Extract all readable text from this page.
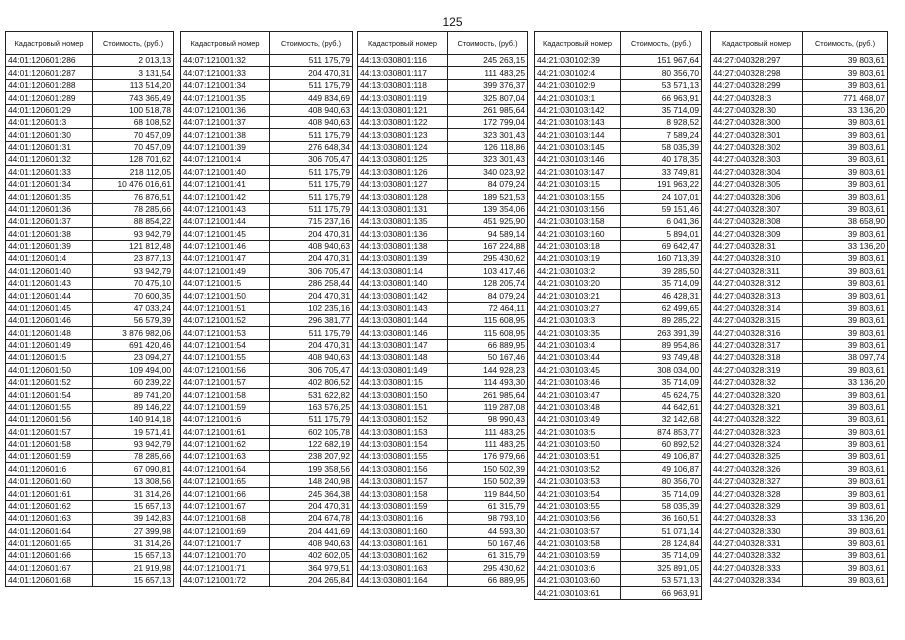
125
Кадастровый номер	Стоимость, (руб.)
44:01:120601:286	2 013,13
44:01:120601:287	3 131,54
44:01:120601:288	113 514,20
44:01:120601:289	743 365,49
44:01:120601:29	100 518,78
44:01:120601:3	68 108,52
44:01:120601:30	70 457,09
44:01:120601:31	70 457,09
44:01:120601:32	128 701,62
44:01:120601:33	218 112,05
44:01:120601:34	10 476 016,61
44:01:120601:35	76 876,51
44:01:120601:36	78 285,66
44:01:120601:37	88 854,22
44:01:120601:38	93 942,79
44:01:120601:39	121 812,48
44:01:120601:4	23 877,13
44:01:120601:40	93 942,79
44:01:120601:43	70 475,10
44:01:120601:44	70 600,35
44:01:120601:45	47 033,24
44:01:120601:46	56 579,39
44:01:120601:48	3 876 982,06
44:01:120601:49	691 420,46
44:01:120601:5	23 094,27
44:01:120601:50	109 494,00
44:01:120601:52	60 239,22
44:01:120601:54	89 741,20
44:01:120601:55	89 146,22
44:01:120601:56	140 914,18
44:01:120601:57	19 571,41
44:01:120601:58	93 942,79
44:01:120601:59	78 285,66
44:01:120601:6	67 090,81
44:01:120601:60	13 308,56
44:01:120601:61	31 314,26
44:01:120601:62	15 657,13
44:01:120601:63	39 142,83
44:01:120601:64	27 399,98
44:01:120601:65	31 314,26
44:01:120601:66	15 657,13
44:01:120601:67	21 919,98
44:01:120601:68	15 657,13
Кадастровый номер	Стоимость, (руб.)
44:07:121001:32	511 175,79
44:07:121001:33	204 470,31
44:07:121001:34	511 175,79
44:07:121001:35	449 834,69
44:07:121001:36	408 940,63
44:07:121001:37	408 940,63
44:07:121001:38	511 175,79
44:07:121001:39	276 648,34
44:07:121001:4	306 705,47
44:07:121001:40	511 175,79
44:07:121001:41	511 175,79
44:07:121001:42	511 175,79
44:07:121001:43	511 175,79
44:07:121001:44	715 237,16
44:07:121001:45	204 470,31
44:07:121001:46	408 940,63
44:07:121001:47	204 470,31
44:07:121001:49	306 705,47
44:07:121001:5	286 258,44
44:07:121001:50	204 470,31
44:07:121001:51	102 235,16
44:07:121001:52	296 381,77
44:07:121001:53	511 175,79
44:07:121001:54	204 470,31
44:07:121001:55	408 940,63
44:07:121001:56	306 705,47
44:07:121001:57	402 806,52
44:07:121001:58	531 622,82
44:07:121001:59	163 576,25
44:07:121001:6	511 175,79
44:07:121001:61	602 105,78
44:07:121001:62	122 682,19
44:07:121001:63	238 207,92
44:07:121001:64	199 358,56
44:07:121001:65	148 240,98
44:07:121001:66	245 364,38
44:07:121001:67	204 470,31
44:07:121001:68	204 674,78
44:07:121001:69	204 441,69
44:07:121001:7	408 940,63
44:07:121001:70	402 602,05
44:07:121001:71	364 979,51
44:07:121001:72	204 265,84
Кадастровый номер	Стоимость, (руб.)
44:13:030801:116	245 263,15
44:13:030801:117	111 483,25
44:13:030801:118	399 376,37
44:13:030801:119	325 807,04
44:13:030801:121	261 985,64
44:13:030801:122	172 799,04
44:13:030801:123	323 301,43
44:13:030801:124	126 118,86
44:13:030801:125	323 301,43
44:13:030801:126	340 023,92
44:13:030801:127	84 079,24
44:13:030801:128	189 521,53
44:13:030801:131	139 354,06
44:13:030801:135	451 925,90
44:13:030801:136	94 589,14
44:13:030801:138	167 224,88
44:13:030801:139	295 430,62
44:13:030801:14	103 417,46
44:13:030801:140	128 205,74
44:13:030801:142	84 079,24
44:13:030801:143	72 464,11
44:13:030801:144	115 608,95
44:13:030801:146	115 608,95
44:13:030801:147	66 889,95
44:13:030801:148	50 167,46
44:13:030801:149	144 928,23
44:13:030801:15	114 493,30
44:13:030801:150	261 985,64
44:13:030801:151	119 287,08
44:13:030801:152	98 990,43
44:13:030801:153	111 483,25
44:13:030801:154	111 483,25
44:13:030801:155	176 979,66
44:13:030801:156	150 502,39
44:13:030801:157	150 502,39
44:13:030801:158	119 844,50
44:13:030801:159	61 315,79
44:13:030801:16	98 793,10
44:13:030801:160	44 593,30
44:13:030801:161	50 167,46
44:13:030801:162	61 315,79
44:13:030801:163	295 430,62
44:13:030801:164	66 889,95
Кадастровый номер	Стоимость, (руб.)
44:21:030102:39	151 967,64
44:21:030102:4	80 356,70
44:21:030102:9	53 571,13
44:21:030103:1	66 963,91
44:21:030103:142	35 714,09
44:21:030103:143	8 928,52
44:21:030103:144	7 589,24
44:21:030103:145	58 035,39
44:21:030103:146	40 178,35
44:21:030103:147	33 749,81
44:21:030103:15	191 963,22
44:21:030103:155	24 107,01
44:21:030103:156	59 151,46
44:21:030103:158	6 041,36
44:21:030103:160	5 894,01
44:21:030103:18	69 642,47
44:21:030103:19	160 713,39
44:21:030103:2	39 285,50
44:21:030103:20	35 714,09
44:21:030103:21	46 428,31
44:21:030103:27	62 499,65
44:21:030103:3	89 285,22
44:21:030103:35	263 391,39
44:21:030103:4	89 954,86
44:21:030103:44	93 749,48
44:21:030103:45	308 034,00
44:21:030103:46	35 714,09
44:21:030103:47	45 624,75
44:21:030103:48	44 642,61
44:21:030103:49	32 142,68
44:21:030103:5	874 853,77
44:21:030103:50	60 892,52
44:21:030103:51	49 106,87
44:21:030103:52	49 106,87
44:21:030103:53	80 356,70
44:21:030103:54	35 714,09
44:21:030103:55	58 035,39
44:21:030103:56	36 160,51
44:21:030103:57	51 071,14
44:21:030103:58	28 124,84
44:21:030103:59	35 714,09
44:21:030103:6	325 891,05
44:21:030103:60	53 571,13
44:21:030103:61	66 963,91
Кадастровый номер	Стоимость, (руб.)
44:27:040328:297	39 803,61
44:27:040328:298	39 803,61
44:27:040328:299	39 803,61
44:27:040328:3	771 468,07
44:27:040328:30	33 136,20
44:27:040328:300	39 803,61
44:27:040328:301	39 803,61
44:27:040328:302	39 803,61
44:27:040328:303	39 803,61
44:27:040328:304	39 803,61
44:27:040328:305	39 803,61
44:27:040328:306	39 803,61
44:27:040328:307	39 803,61
44:27:040328:308	38 658,90
44:27:040328:309	39 803,61
44:27:040328:31	33 136,20
44:27:040328:310	39 803,61
44:27:040328:311	39 803,61
44:27:040328:312	39 803,61
44:27:040328:313	39 803,61
44:27:040328:314	39 803,61
44:27:040328:315	39 803,61
44:27:040328:316	39 803,61
44:27:040328:317	39 803,61
44:27:040328:318	38 097,74
44:27:040328:319	39 803,61
44:27:040328:32	33 136,20
44:27:040328:320	39 803,61
44:27:040328:321	39 803,61
44:27:040328:322	39 803,61
44:27:040328:323	39 803,61
44:27:040328:324	39 803,61
44:27:040328:325	39 803,61
44:27:040328:326	39 803,61
44:27:040328:327	39 803,61
44:27:040328:328	39 803,61
44:27:040328:329	39 803,61
44:27:040328:33	33 136,20
44:27:040328:330	39 803,61
44:27:040328:331	39 803,61
44:27:040328:332	39 803,61
44:27:040328:333	39 803,61
44:27:040328:334	39 803,61
